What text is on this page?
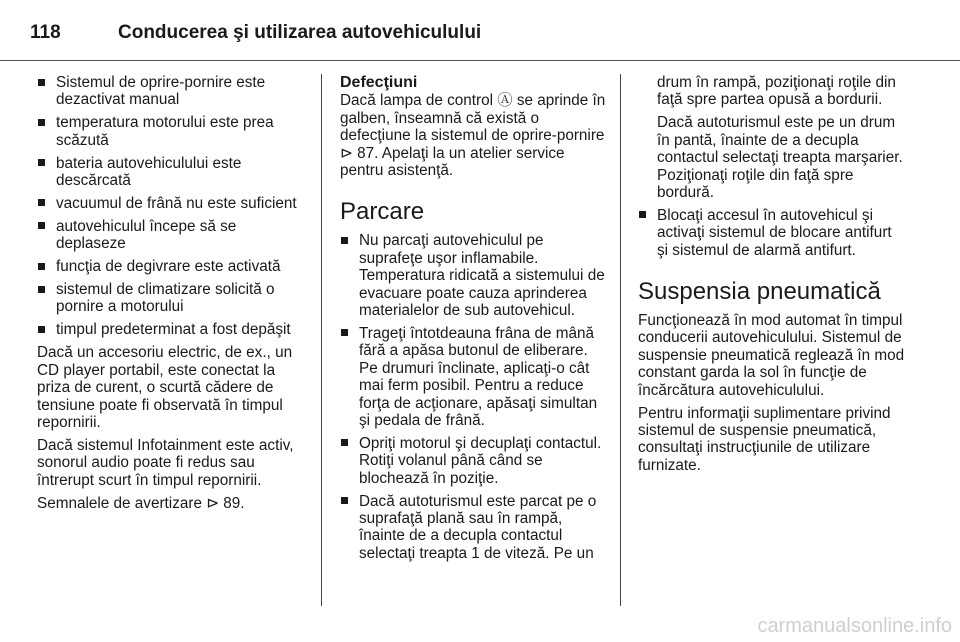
118	Conducerea şi utilizarea autovehiculului
Sistemul de oprire-pornire este dezactivat manual
temperatura motorului este prea scăzută
bateria autovehiculului este descărcată
vacuumul de frână nu este suficient
autovehiculul începe să se deplaseze
funcţia de degivrare este activată
sistemul de climatizare solicită o pornire a motorului
timpul predeterminat a fost depăşit

Dacă un accesoriu electric, de ex., un CD player portabil, este conectat la priza de curent, o scurtă cădere de tensiune poate fi observată în timpul repornirii.

Dacă sistemul Infotainment este activ, sonorul audio poate fi redus sau întrerupt scurt în timpul repornirii.

Semnalele de avertizare ⊳ 89.

Defecţiuni

Dacă lampa de control Ⓐ se aprinde în galben, înseamnă că există o defecţiune la sistemul de oprire-pornire ⊳ 87. Apelaţi la un atelier service pentru asistenţă.

Parcare
Nu parcaţi autovehiculul pe suprafeţe uşor inflamabile. Temperatura ridicată a sistemului de evacuare poate cauza aprinderea materialelor de sub autovehicul.
Trageţi întotdeauna frâna de mână fără a apăsa butonul de eliberare. Pe drumuri înclinate, aplicaţi-o cât mai ferm posibil. Pentru a reduce forţa de acţionare, apăsaţi simultan şi pedala de frână.
Opriţi motorul şi decuplaţi contactul. Rotiţi volanul până când se blochează în poziţie.
Dacă autoturismul este parcat pe o suprafaţă plană sau în rampă, înainte de a decupla contactul selectaţi treapta 1 de viteză. Pe un

drum în rampă, poziţionaţi roţile din faţă spre partea opusă a bordurii.

Dacă autoturismul este pe un drum în pantă, înainte de a decupla contactul selectaţi treapta marşarier. Poziţionaţi roţile din faţă spre bordură.

Blocaţi accesul în autovehicul şi activaţi sistemul de blocare antifurt şi sistemul de alarmă antifurt.
Suspensia pneumatică

Funcţionează în mod automat în timpul conducerii autovehiculului. Sistemul de suspensie pneumatică reglează în mod constant garda la sol în funcţie de încărcătura autovehiculului.

Pentru informaţii suplimentare privind sistemul de suspensie pneumatică, consultaţi instrucţiunile de utilizare furnizate.

carmanualsonline.info
